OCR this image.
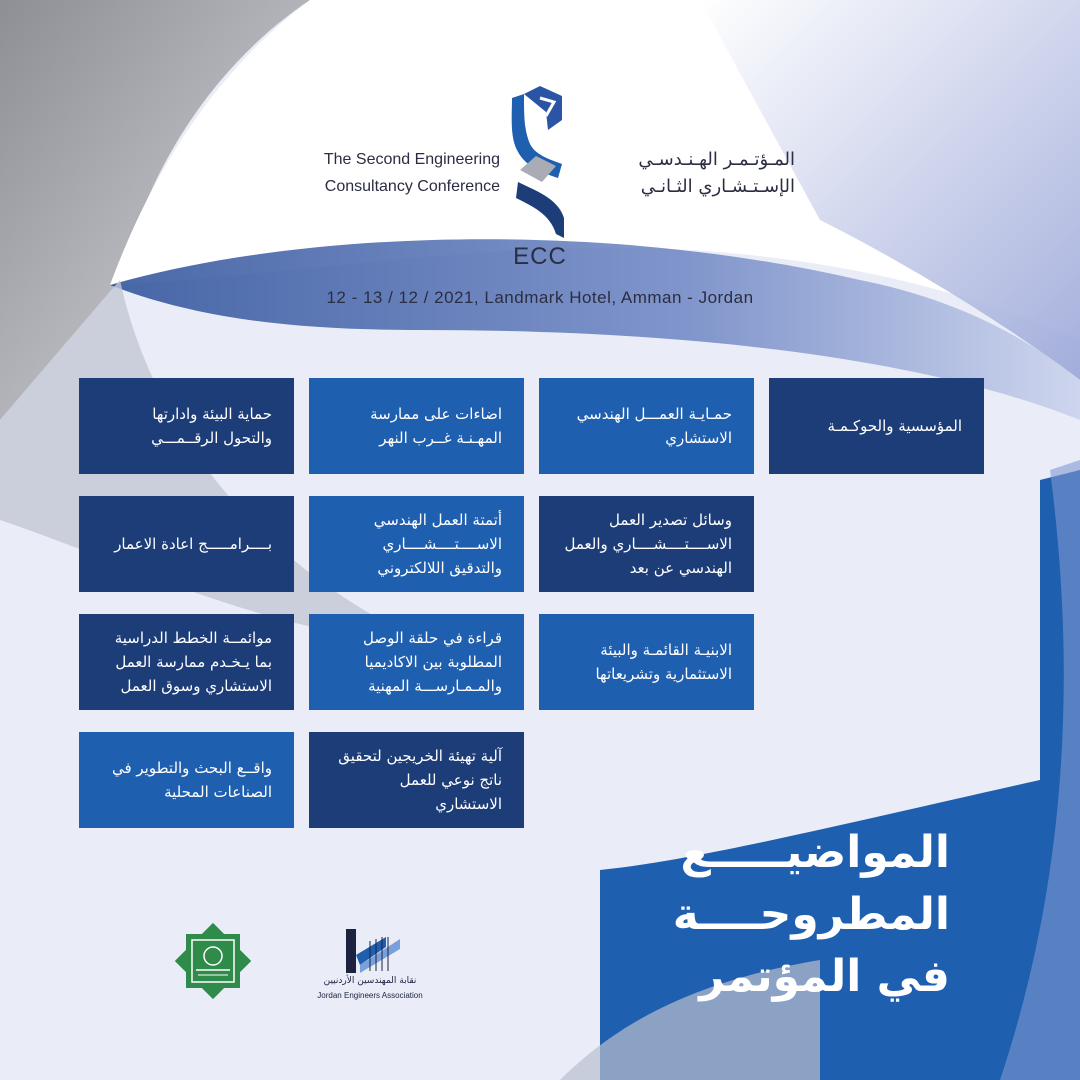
The Second Engineering
Consultancy Conference
المـؤتـمـر الهـنـدسـي
الإسـتـشـاري الثـانـي
ECC
12 - 13 / 12 / 2021, Landmark Hotel, Amman - Jordan
المؤسسية والحوكـمـة
حمـايـة العمـــل الهندسي الاستشاري
اضاءات على ممارسة المهـنـة غــرب النهر
حماية البيئة وادارتها والتحول الرقــمـــي
وسائل تصدير العمل الاســــتــــشــــاري والعمل الهندسي عن بعد
أتمتة العمل الهندسي الاســــتــــشــــاري والتدقيق اللالكتروني
بــــرامـــــج اعادة الاعمار
الابنيـة القائمـة والبيئة الاستثمارية وتشريعاتها
قراءة في حلقة الوصل المطلوبة بين الاكاديميا والمـمـارســـة المهنية
موائمــة الخطط الدراسية بما يـخـدم ممارسة العمل الاستشاري وسوق العمل
آلية تهيئة الخريجين لتحقيق ناتج نوعي للعمل الاستشاري
واقــع البحث والتطوير في الصناعات المحلية
المواضيـــــع
المطروحــــة
في المؤتمر
نقابة المهندسين الأردنيين
Jordan Engineers Association
